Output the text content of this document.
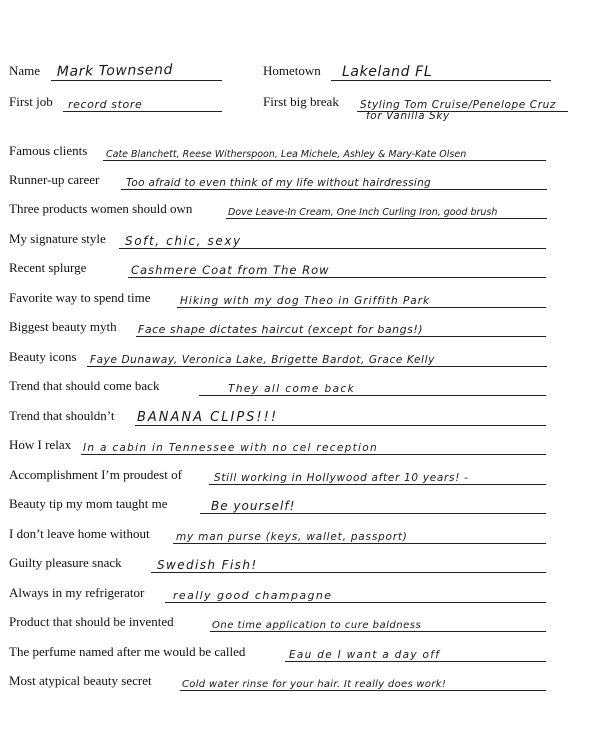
Name Mark Townsend	Hometown Lakeland FL
First job record store	First big break Styling Tom Cruise/Penelope Cruz
for Vanilla Sky
Famous clients Cate Blanchett, Reese Witherspoon, Lea Michele, Ashley & Mary-Kate Olsen
Runner-up career	Too afraid to even think of my life without hairdressing
Three products women should own	Dove Leave-In Cream, One Inch Curling Iron, good brush
My signature style Soft, chic, sexy
Recent splurge	Cashmere Coat from The Row
Favorite way to spend time	Hiking with my dog Theo in Griffith Park
Biggest beauty myth Face shape dictates haircut (except for bangs!)
Beauty icons Faye Dunaway, Veronica Lake, Brigette Bardot, Grace Kelly
Trend that should come back	They all come back
Trend that shouldn’t BANANA CLIPS!!!
How I relax In a cabin in Tennessee with no cel reception
Accomplishment I’m proudest of	Still working in Hollywood after 10 years! -
Beauty tip my mom taught me	Be yourself!
I don’t leave home without	my man purse (keys, wallet, passport)
Guilty pleasure snack	Swedish Fish!
Always in my refrigerator	really good champagne
Product that should be invented	One time application to cure baldness
The perfume named after me would be called	Eau de I want a day off
Most atypical beauty secret	Cold water rinse for your hair. It really does work!
